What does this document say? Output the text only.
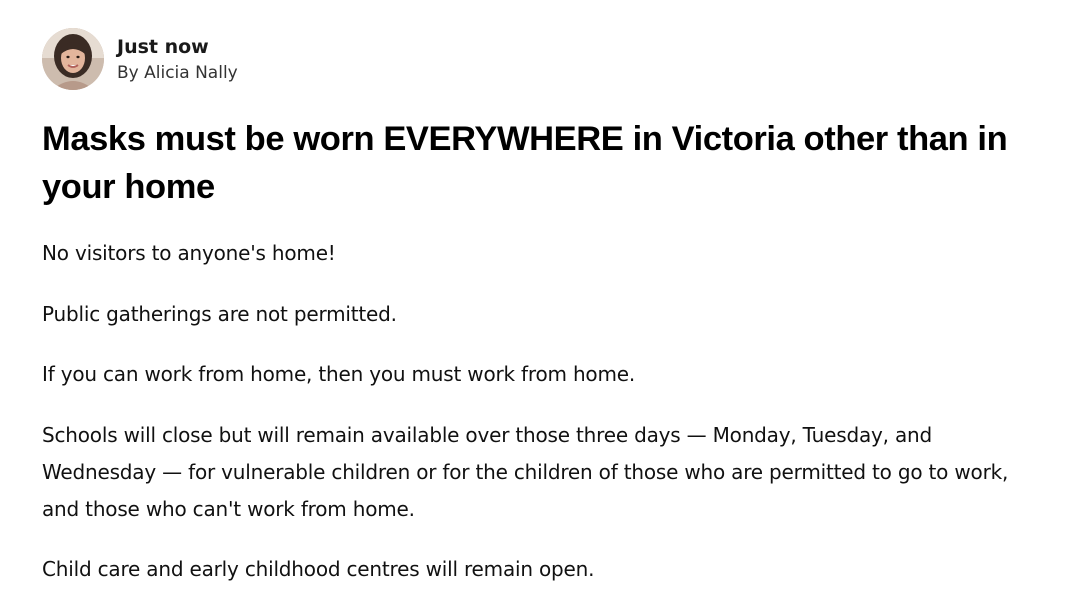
Just now
By Alicia Nally
Masks must be worn EVERYWHERE in Victoria other than in your home

No visitors to anyone's home!

Public gatherings are not permitted.

If you can work from home, then you must work from home.

Schools will close but will remain available over those three days — Monday, Tuesday, and Wednesday — for vulnerable children or for the children of those who are permitted to go to work, and those who can't work from home.

Child care and early childhood centres will remain open.
